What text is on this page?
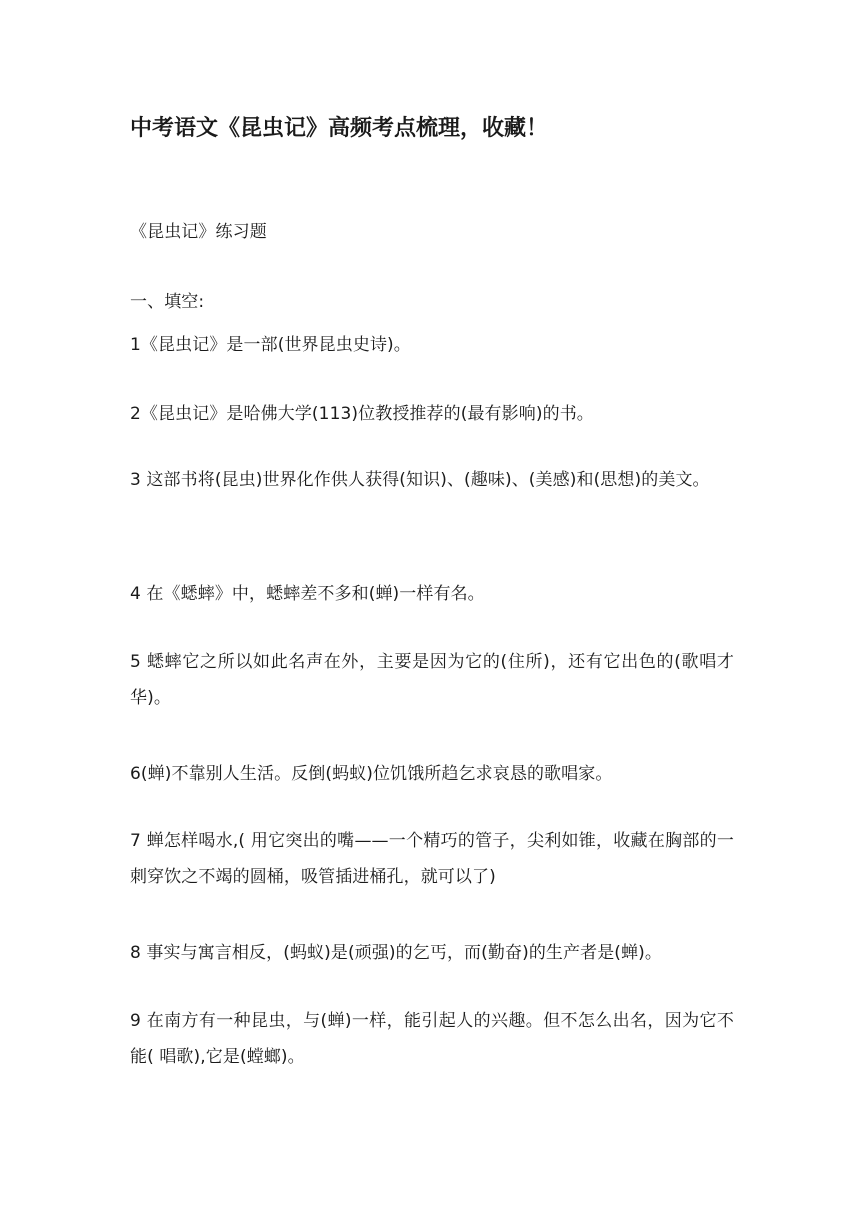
中考语文《昆虫记》高频考点梳理，收藏！

《昆虫记》练习题

一、填空:

1《昆虫记》是一部(世界昆虫史诗)。

2《昆虫记》是哈佛大学(113)位教授推荐的(最有影响)的书。

3 这部书将(昆虫)世界化作供人获得(知识)、(趣味)、(美感)和(思想)的美文。

4 在《蟋蟀》中，蟋蟀差不多和(蝉)一样有名。

5 蟋蟀它之所以如此名声在外，主要是因为它的(住所)，还有它出色的(歌唱才华)。

6(蝉)不靠别人生活。反倒(蚂蚁)位饥饿所趋乞求哀恳的歌唱家。

7 蝉怎样喝水,( 用它突出的嘴——一个精巧的管子，尖利如锥，收藏在胸部的一刺穿饮之不竭的圆桶，吸管插进桶孔，就可以了)

8 事实与寓言相反，(蚂蚁)是(顽强)的乞丐，而(勤奋)的生产者是(蝉)。

9 在南方有一种昆虫，与(蝉)一样，能引起人的兴趣。但不怎么出名，因为它不能( 唱歌),它是(螳螂)。
